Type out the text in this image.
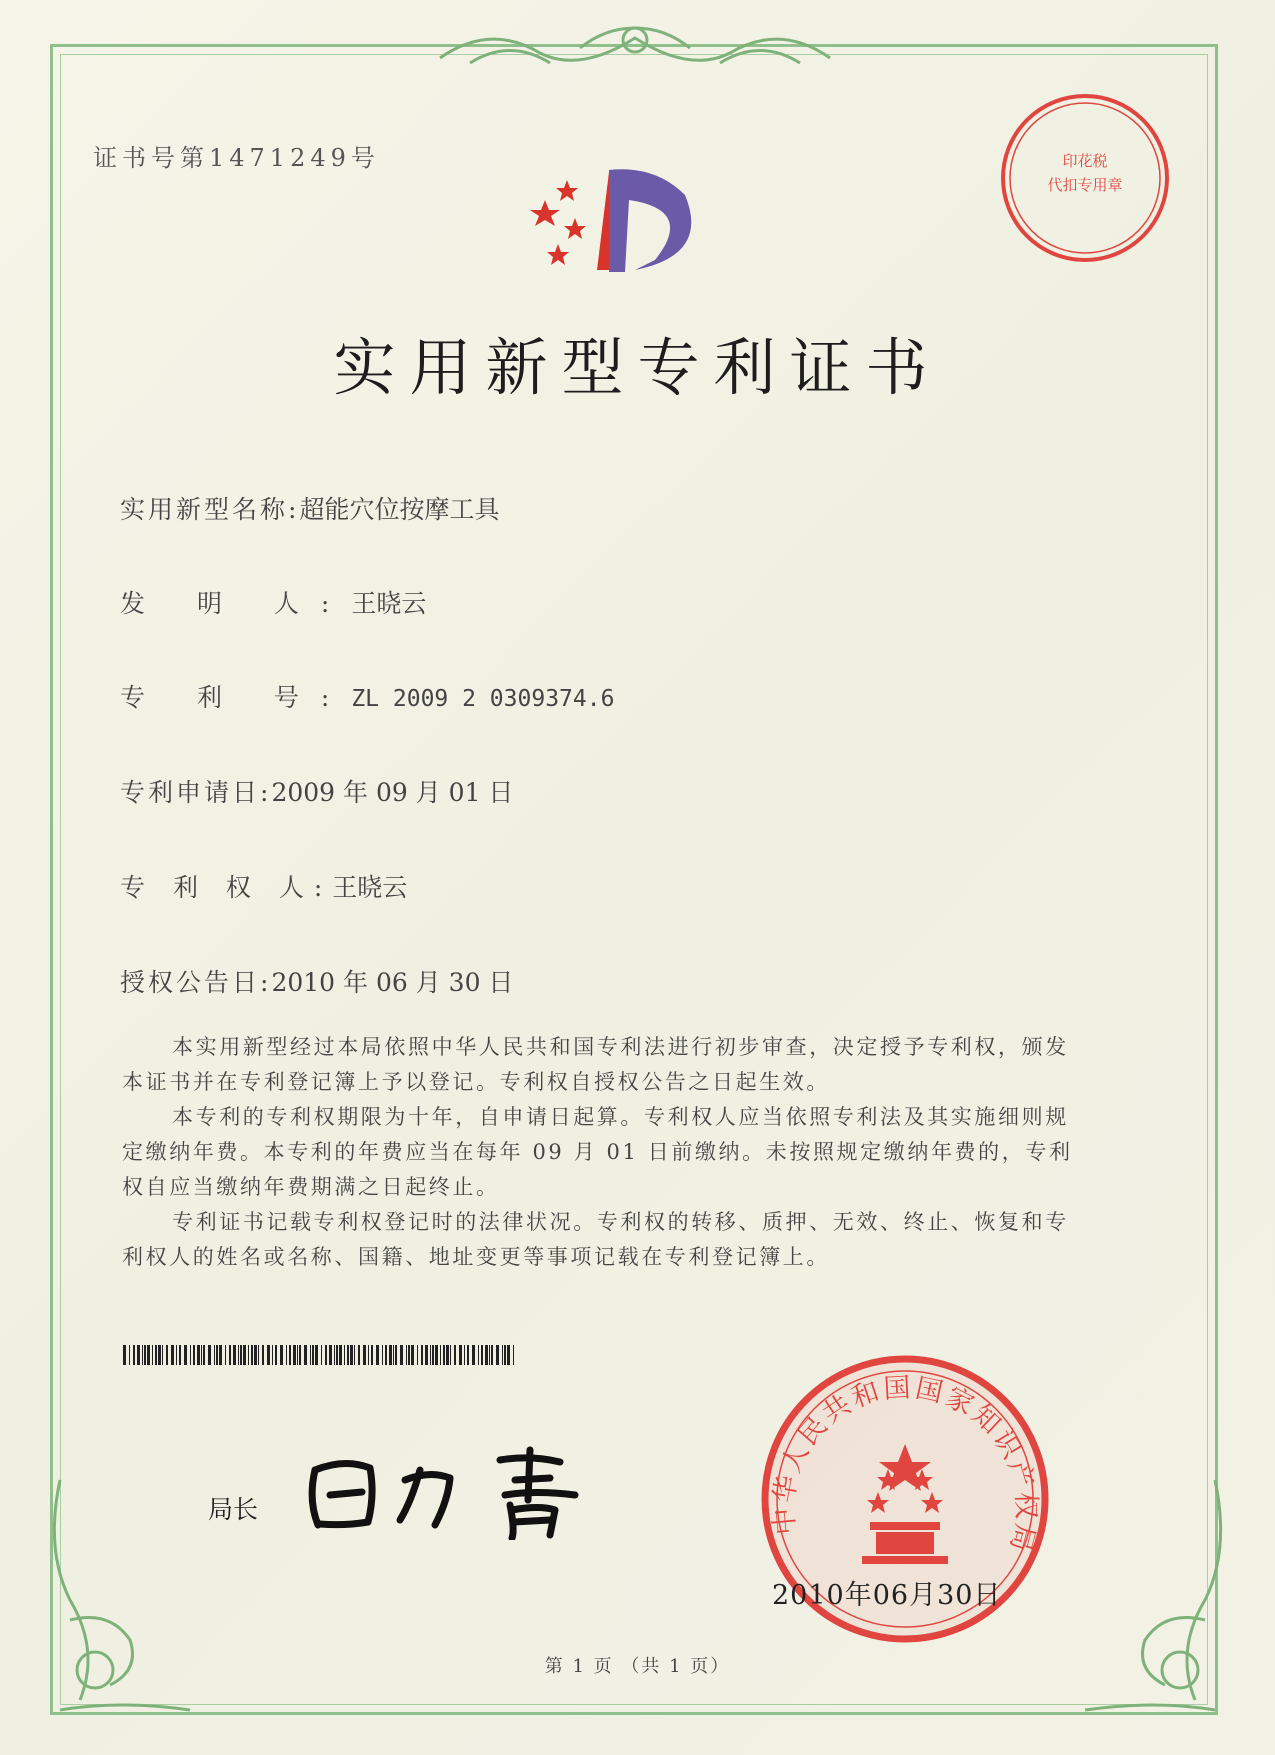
证书号第1471249号	印花税
代扣专用章
实用新型专利证书
实用新型名称:超能穴位按摩工具
发 明 人:王晓云
专 利 号:ZL 2009 2 0309374.6
专利申请日:2009 年 09 月 01 日
专 利 权 人:王晓云
授权公告日:2010 年 06 月 30 日

本实用新型经过本局依照中华人民共和国专利法进行初步审查，决定授予专利权，颁发本证书并在专利登记簿上予以登记。专利权自授权公告之日起生效。

本专利的专利权期限为十年，自申请日起算。专利权人应当依照专利法及其实施细则规定缴纳年费。本专利的年费应当在每年 09 月 01 日前缴纳。未按照规定缴纳年费的，专利权自应当缴纳年费期满之日起终止。

专利证书记载专利权登记时的法律状况。专利权的转移、质押、无效、终止、恢复和专利权人的姓名或名称、国籍、地址变更等事项记载在专利登记簿上。

局长	中华人民共和国国家知识产权局
2010年06月30日
第 1 页 （共 1 页）
